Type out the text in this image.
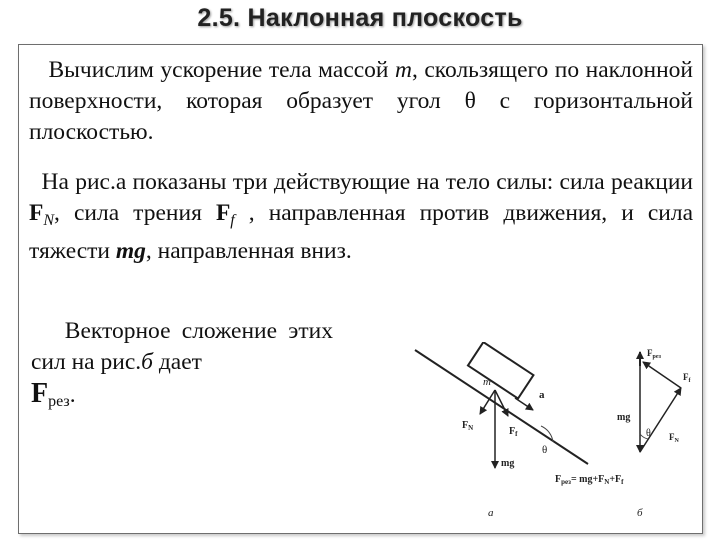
2.5. Наклонная плоскость

Вычислим ускорение тела массой m, скользящего по наклонной поверхности, которая образует угол θ с горизонтальной плоскостью.

На рис.а показаны три действующие на тело силы: сила реакции $F_N$, сила трения $F_f$ , направленная против движения, и сила тяжести mg, направленная вниз.

Векторное сложение этих сил на рис.б дает
$F_{рез}$.	m
a
$F_N$	$F_f$
mg
θ
а
$F_{рез}$
$F_f$
mg
θ $F_N$
$F_{рез}= mg+F_N+F_f$
б
